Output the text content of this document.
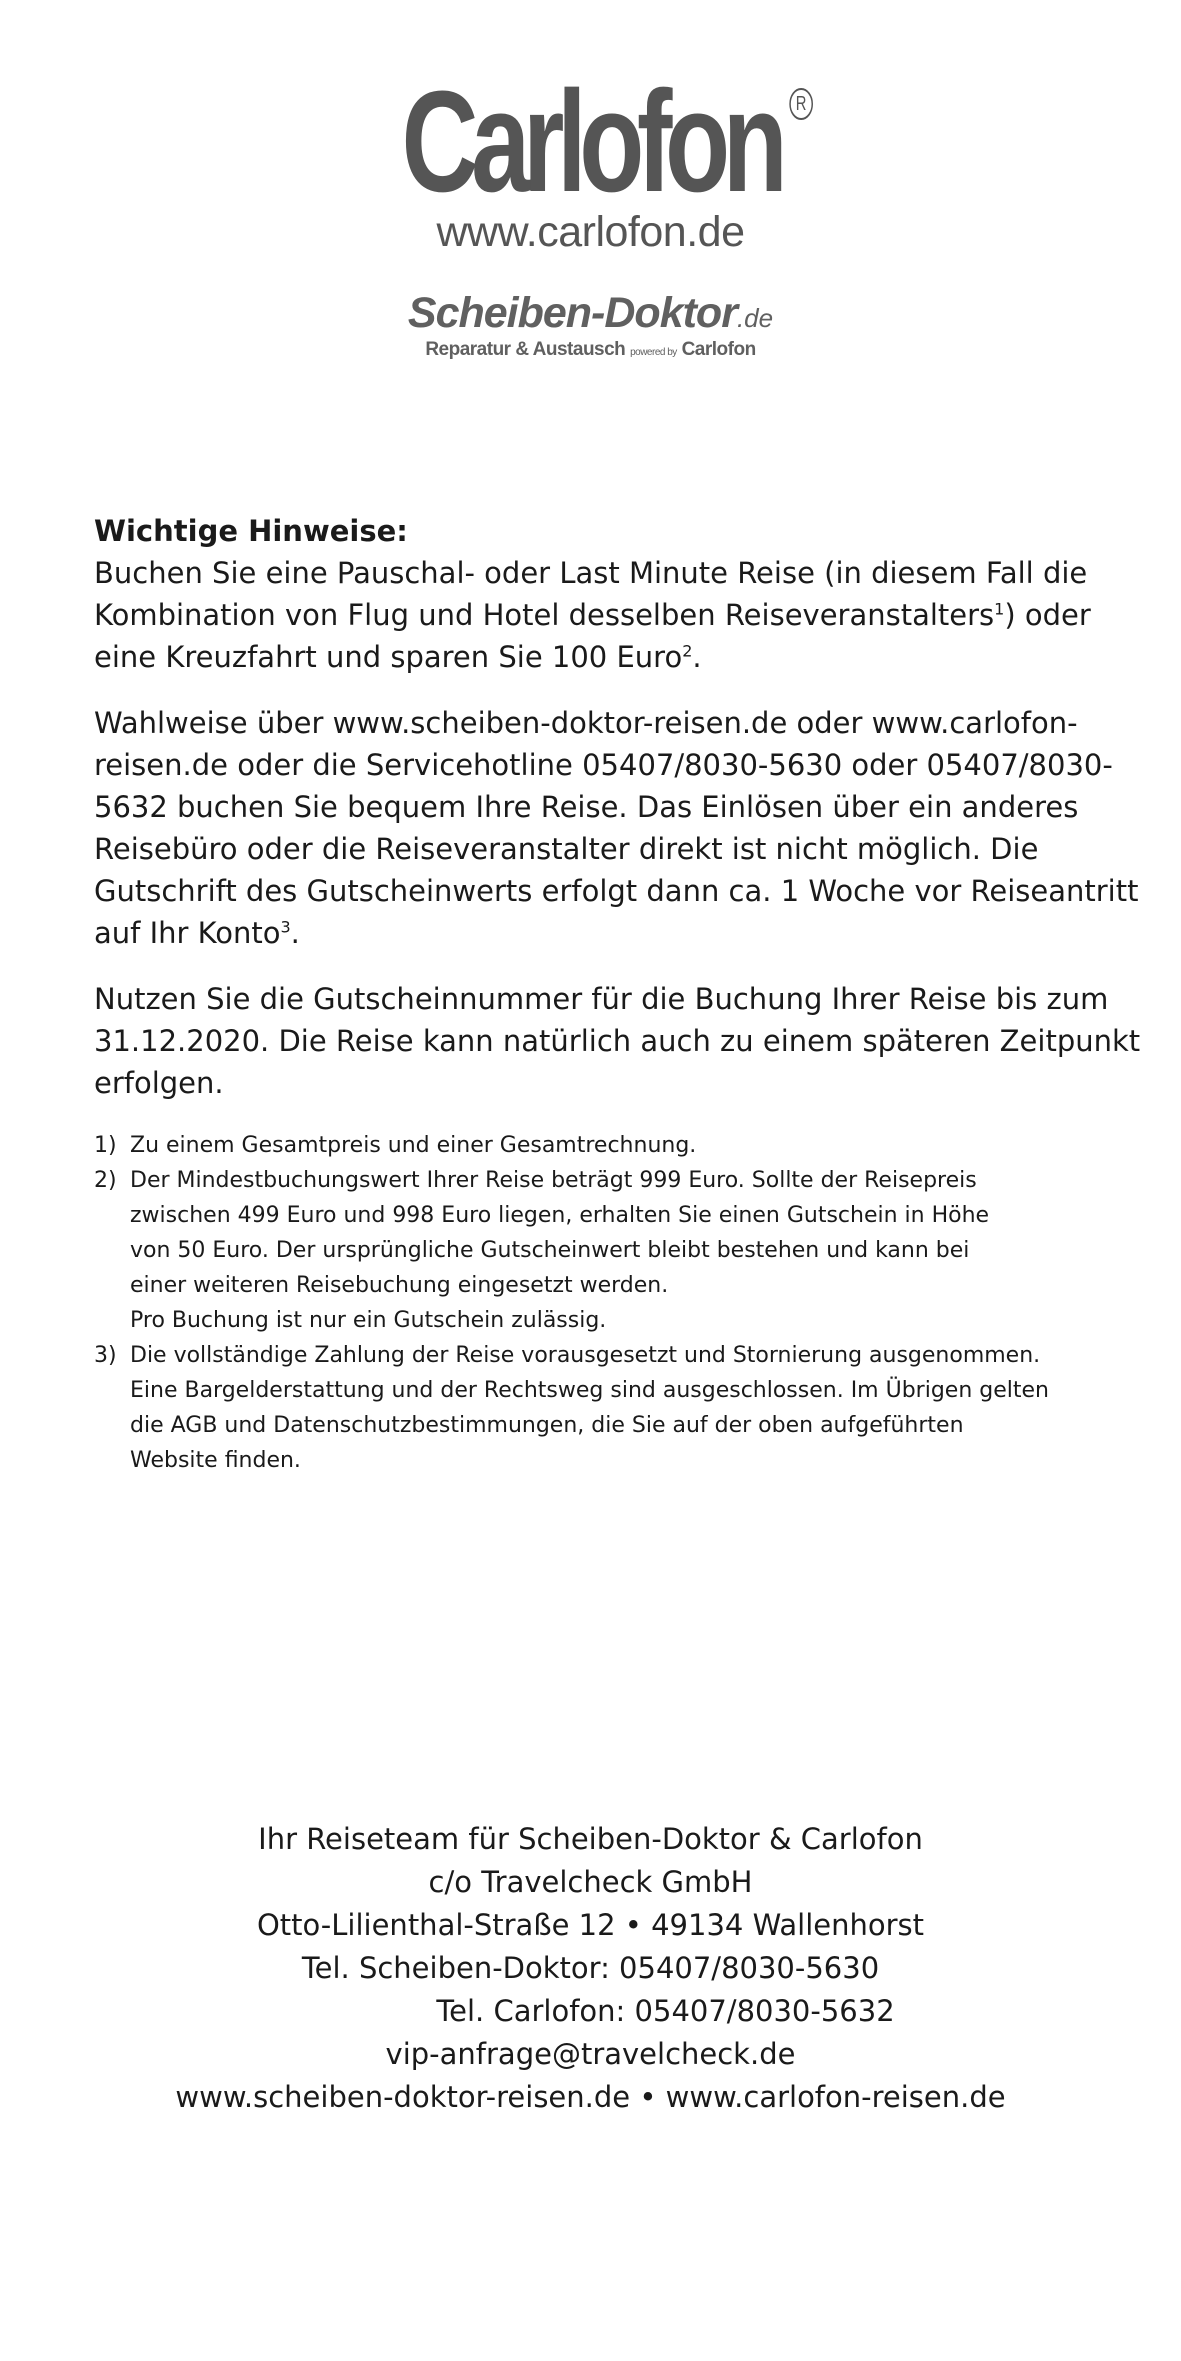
Carlofon R
www.carlofon.de
Scheiben-Doktor.de
Reparatur & Austausch powered by Carlofon

Wichtige Hinweise:

Buchen Sie eine Pauschal- oder Last Minute Reise (in diesem Fall die Kombination von Flug und Hotel desselben Reiseveranstalters$^1$) oder eine Kreuzfahrt und sparen Sie 100 Euro$^2$.

Wahlweise über www.scheiben-doktor-reisen.de oder www.carlofon-reisen.de oder die Servicehotline 05407/8030-5630 oder 05407/8030-5632 buchen Sie bequem Ihre Reise. Das Einlösen über ein anderes Reisebüro oder die Reiseveranstalter direkt ist nicht möglich. Die Gutschrift des Gutscheinwerts erfolgt dann ca. 1 Woche vor Reiseantritt auf Ihr Konto$^3$.

Nutzen Sie die Gutscheinnummer für die Buchung Ihrer Reise bis zum 31.12.2020. Die Reise kann natürlich auch zu einem späteren Zeitpunkt erfolgen.

1) Zu einem Gesamtpreis und einer Gesamtrechnung.
2) Der Mindestbuchungswert Ihrer Reise beträgt 999 Euro. Sollte der Reisepreis
zwischen 499 Euro und 998 Euro liegen, erhalten Sie einen Gutschein in Höhe
von 50 Euro. Der ursprüngliche Gutscheinwert bleibt bestehen und kann bei
einer weiteren Reisebuchung eingesetzt werden.
Pro Buchung ist nur ein Gutschein zulässig.
3) Die vollständige Zahlung der Reise vorausgesetzt und Stornierung ausgenommen.
Eine Bargelderstattung und der Rechtsweg sind ausgeschlossen. Im Übrigen gelten
die AGB und Datenschutzbestimmungen, die Sie auf der oben aufgeführten
Website finden.
Ihr Reiseteam für Scheiben-Doktor & Carlofon
c/o Travelcheck GmbH
Otto-Lilienthal-Straße 12 • 49134 Wallenhorst
Tel. Scheiben-Doktor: 05407/8030-5630
Tel. Carlofon: 05407/8030-5632
vip-anfrage@travelcheck.de
www.scheiben-doktor-reisen.de • www.carlofon-reisen.de
